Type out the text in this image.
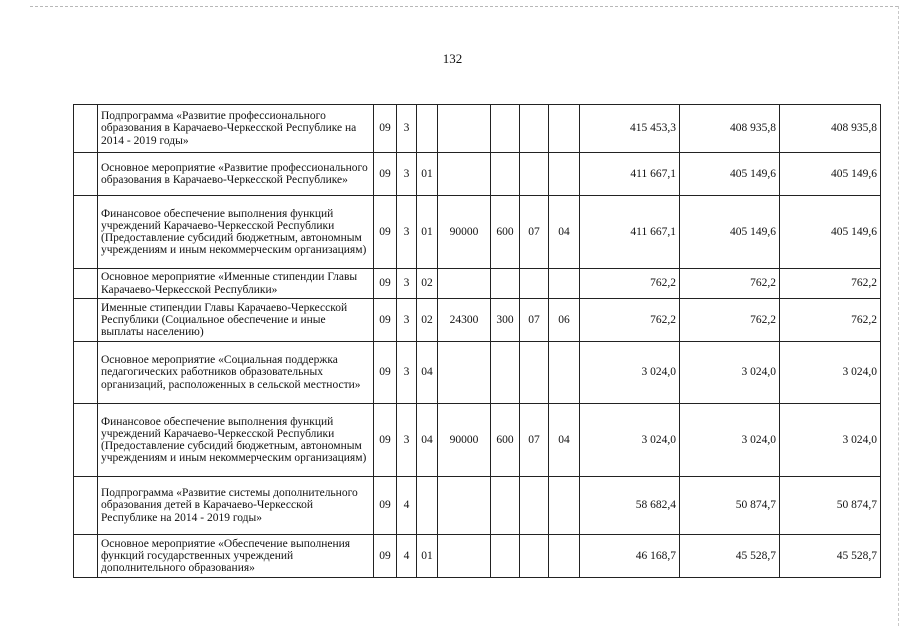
132
	Подпрограмма «Развитие профессионального образования в Карачаево-Черкесской Республике на 2014 - 2019 годы»	09	3						415 453,3	408 935,8	408 935,8
	Основное мероприятие «Развитие профессионального образования в Карачаево-Черкесской Республике»	09	3	01					411 667,1	405 149,6	405 149,6
	Финансовое обеспечение выполнения функций учреждений Карачаево-Черкесской Республики (Предоставление субсидий бюджетным, автономным учреждениям и иным некоммерческим организациям)	09	3	01	90000	600	07	04	411 667,1	405 149,6	405 149,6
	Основное мероприятие «Именные стипендии Главы Карачаево-Черкесской Республики»	09	3	02					762,2	762,2	762,2
	Именные стипендии Главы Карачаево-Черкесской Республики (Социальное обеспечение и иные выплаты населению)	09	3	02	24300	300	07	06	762,2	762,2	762,2
	Основное мероприятие «Социальная поддержка педагогических работников образовательных организаций, расположенных в сельской местности»	09	3	04					3 024,0	3 024,0	3 024,0
	Финансовое обеспечение выполнения функций учреждений Карачаево-Черкесской Республики (Предоставление субсидий бюджетным, автономным учреждениям и иным некоммерческим организациям)	09	3	04	90000	600	07	04	3 024,0	3 024,0	3 024,0
	Подпрограмма «Развитие системы дополнительного образования детей в Карачаево-Черкесской Республике на 2014 - 2019 годы»	09	4						58 682,4	50 874,7	50 874,7
	Основное мероприятие «Обеспечение выполнения функций государственных учреждений дополнительного образования»	09	4	01					46 168,7	45 528,7	45 528,7
